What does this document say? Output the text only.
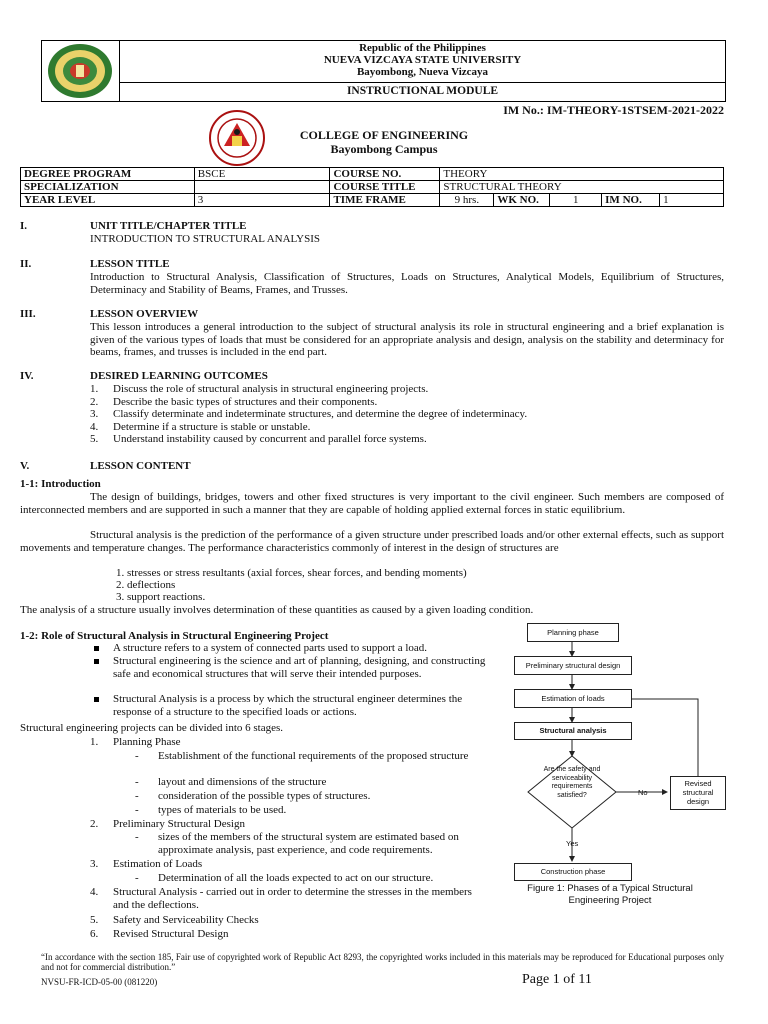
Republic of the Philippines
NUEVA VIZCAYA STATE UNIVERSITY
Bayombong, Nueva Vizcaya
INSTRUCTIONAL MODULE
IM No.: IM-THEORY-1STSEM-2021-2022
COLLEGE OF ENGINEERING
Bayombong Campus
DEGREE PROGRAM	BSCE	COURSE NO.	THEORY				
SPECIALIZATION		COURSE TITLE	STRUCTURAL THEORY				
YEAR LEVEL	3	TIME FRAME	9 hrs.	WK NO.	1	IM NO.	1
I.	UNIT TITLE/CHAPTER TITLE
INTRODUCTION TO STRUCTURAL ANALYSIS
II.	LESSON TITLE
Introduction to Structural Analysis, Classification of Structures, Loads on Structures, Analytical Models, Equilibrium of Structures, Determinacy and Stability of Beams, Frames, and Trusses.
III.	LESSON OVERVIEW
This lesson introduces a general introduction to the subject of structural analysis its role in structural engineering and a brief explanation is given of the various types of loads that must be considered for an appropriate analysis and design, analysis on the stability and determinacy for beams, frames, and trusses is included in the end part.
IV.	DESIRED LEARNING OUTCOMES
1. Discuss the role of structural analysis in structural engineering projects.
2. Describe the basic types of structures and their components.
3. Classify determinate and indeterminate structures, and determine the degree of indeterminacy.
4. Determine if a structure is stable or unstable.
5. Understand instability caused by concurrent and parallel force systems.
V.	LESSON CONTENT
1-1: Introduction
The design of buildings, bridges, towers and other fixed structures is very important to the civil engineer. Such members are composed of interconnected members and are supported in such a manner that they are capable of holding applied external forces in static equilibrium.
Structural analysis is the prediction of the performance of a given structure under prescribed loads and/or other external effects, such as support movements and temperature changes. The performance characteristics commonly of interest in the design of structures are
1. stresses or stress resultants (axial forces, shear forces, and bending moments)
2. deflections
3. support reactions.
The analysis of a structure usually involves determination of these quantities as caused by a given loading condition.
1-2: Role of Structural Analysis in Structural Engineering Project
A structure refers to a system of connected parts used to support a load.
Structural engineering is the science and art of planning, designing, and constructing safe and economical structures that will serve their intended purposes.
Structural Analysis is a process by which the structural engineer determines the response of a structure to the specified loads or actions.
Structural engineering projects can be divided into 6 stages.
1. Planning Phase
- Establishment of the functional requirements of the proposed structure
- layout and dimensions of the structure
- consideration of the possible types of structures.
- types of materials to be used.
2. Preliminary Structural Design
- sizes of the members of the structural system are estimated based on approximate analysis, past experience, and code requirements.
3. Estimation of Loads
- Determination of all the loads expected to act on our structure.
4. Structural Analysis - carried out in order to determine the stresses in the members and the deflections.
5. Safety and Serviceability Checks
6. Revised Structural Design
Planning phase
Preliminary structural design
Estimation of loads
Structural analysis
Are the safety and serviceability requirements satisfied?	No
Yes
Revised structural design
Construction phase
Figure 1: Phases of a Typical Structural Engineering Project
“In accordance with the section 185, Fair use of copyrighted work of Republic Act 8293, the copyrighted works included in this materials may be reproduced for Educational purposes only and not for commercial distribution.”
NVSU-FR-ICD-05-00 (081220)	Page 1 of 11
